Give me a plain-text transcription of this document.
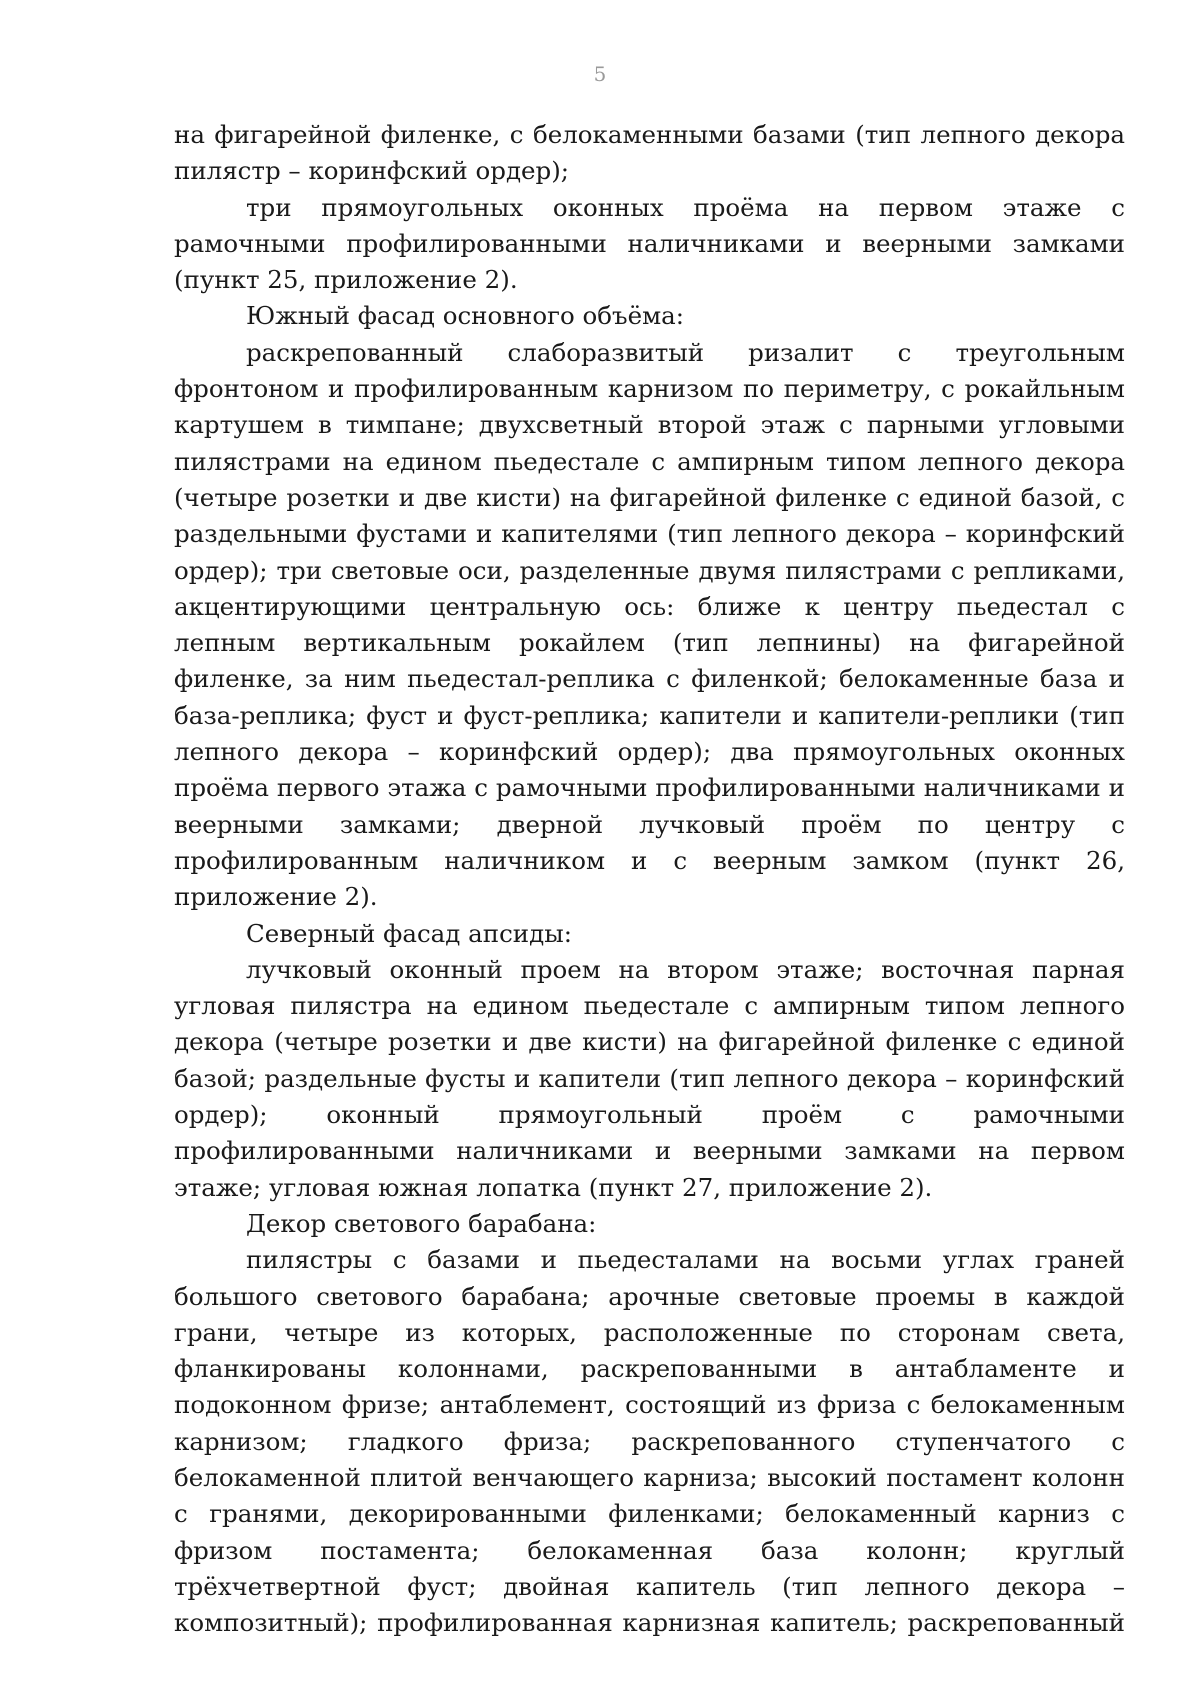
5

на фигарейной филенке, с белокаменными базами (тип лепного декора пилястр – коринфский ордер);

три прямоугольных оконных проёма на первом этаже с рамочными профилированными наличниками и веерными замками (пункт 25, приложение 2).

Южный фасад основного объёма:

раскрепованный слаборазвитый ризалит с треугольным фронтоном и профилированным карнизом по периметру, с рокайльным картушем в тимпане; двухсветный второй этаж с парными угловыми пилястрами на едином пьедестале с ампирным типом лепного декора (четыре розетки и две кисти) на фигарейной филенке с единой базой, с раздельными фустами и капителями (тип лепного декора – коринфский ордер); три световые оси, разделенные двумя пилястрами с репликами, акцентирующими центральную ось: ближе к центру пьедестал с лепным вертикальным рокайлем (тип лепнины) на фигарейной филенке, за ним пьедестал-реплика с филенкой; белокаменные база и база-реплика; фуст и фуст-реплика; капители и капители-реплики (тип лепного декора – коринфский ордер); два прямоугольных оконных проёма первого этажа с рамочными профилированными наличниками и веерными замками; дверной лучковый проём по центру с профилированным наличником и с веерным замком (пункт 26, приложение 2).

Северный фасад апсиды:

лучковый оконный проем на втором этаже; восточная парная угловая пилястра на едином пьедестале с ампирным типом лепного декора (четыре розетки и две кисти) на фигарейной филенке с единой базой; раздельные фусты и капители (тип лепного декора – коринфский ордер); оконный прямоугольный проём с рамочными профилированными наличниками и веерными замками на первом этаже; угловая южная лопатка (пункт 27, приложение 2).

Декор светового барабана:

пилястры с базами и пьедесталами на восьми углах граней большого светового барабана; арочные световые проемы в каждой грани, четыре из которых, расположенные по сторонам света, фланкированы колоннами, раскрепованными в антабламенте и подоконном фризе; антаблемент, состоящий из фриза с белокаменным карнизом; гладкого фриза; раскрепованного ступенчатого с белокаменной плитой венчающего карниза; высокий постамент колонн с гранями, декорированными филенками; белокаменный карниз с фризом постамента; белокаменная база колонн; круглый трёхчетвертной фуст; двойная капитель (тип лепного декора – композитный); профилированная карнизная капитель; раскрепованный
